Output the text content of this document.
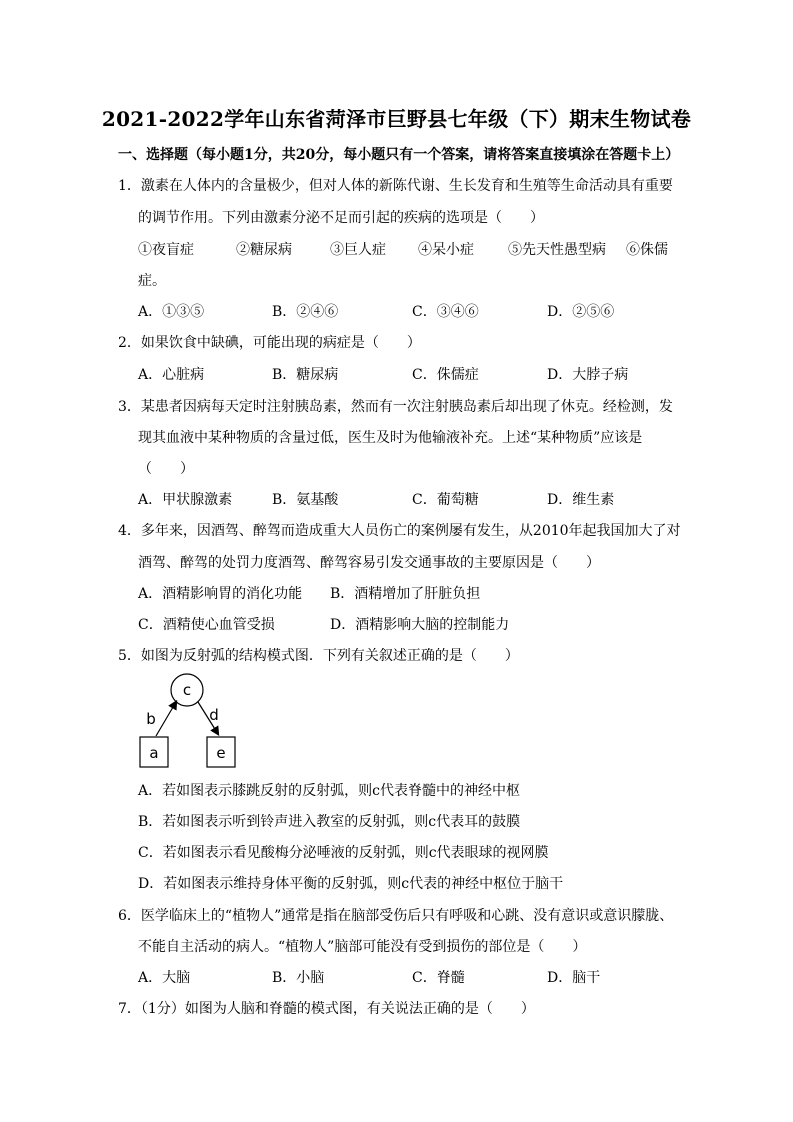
2021-2022学年山东省菏泽市巨野县七年级（下）期末生物试卷
一、选择题（每小题1分，共20分，每小题只有一个答案，请将答案直接填涂在答题卡上）
1．激素在人体内的含量极少，但对人体的新陈代谢、生长发育和生殖等生命活动具有重要
的调节作用。下列由激素分泌不足而引起的疾病的选项是（　　）
①夜盲症	②糖尿病	③巨人症 ④呆小症 ⑤先天性愚型病 ⑥侏儒
症。
A．①③⑤	B．②④⑥	C．③④⑥	D．②⑤⑥
2．如果饮食中缺碘，可能出现的病症是（　　）
A．心脏病	B．糖尿病	C．侏儒症	D．大脖子病
3．某患者因病每天定时注射胰岛素，然而有一次注射胰岛素后却出现了休克。经检测，发
现其血液中某种物质的含量过低，医生及时为他输液补充。上述“某种物质”应该是
（　　）
A．甲状腺激素	B．氨基酸	C．葡萄糖	D．维生素
4．多年来，因酒驾、醉驾而造成重大人员伤亡的案例屡有发生，从2010年起我国加大了对
酒驾、醉驾的处罚力度酒驾、醉驾容易引发交通事故的主要原因是（　　）
A．酒精影响胃的消化功能 B．酒精增加了肝脏负担
C．酒精使心血管受损	D．酒精影响大脑的控制能力
5．如图为反射弧的结构模式图．下列有关叙述正确的是（　　）
c
a	e
b	d
A．若如图表示膝跳反射的反射弧，则c代表脊髓中的神经中枢
B．若如图表示听到铃声进入教室的反射弧，则c代表耳的鼓膜
C．若如图表示看见酸梅分泌唾液的反射弧，则c代表眼球的视网膜
D．若如图表示维持身体平衡的反射弧，则c代表的神经中枢位于脑干
6．医学临床上的“植物人”通常是指在脑部受伤后只有呼吸和心跳、没有意识或意识朦胧、
不能自主活动的病人。“植物人”脑部可能没有受到损伤的部位是（　　）
A．大脑	B．小脑	C．脊髓	D．脑干
7．（1分）如图为人脑和脊髓的模式图，有关说法正确的是（　　）
